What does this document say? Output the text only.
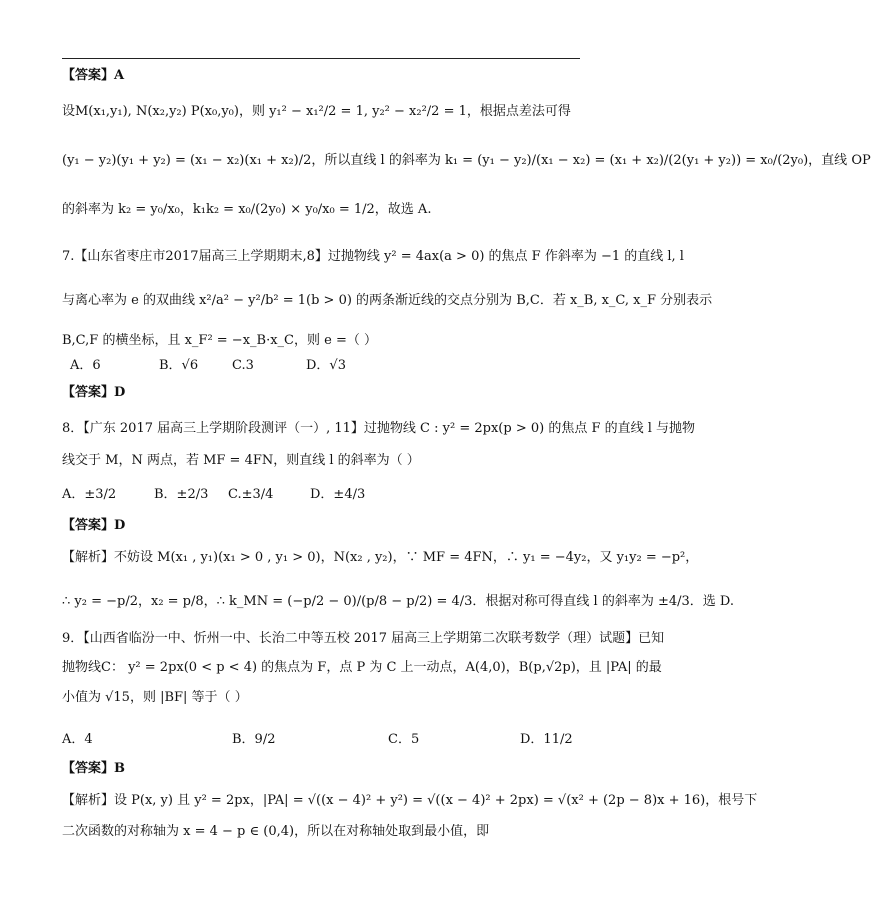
【答案】A
设M(x₁,y₁), N(x₂,y₂) P(x₀,y₀)，则 y₁² − x₁²/2 = 1, y₂² − x₂²/2 = 1，根据点差法可得
(y₁ − y₂)(y₁ + y₂) = (x₁ − x₂)(x₁ + x₂)/2，所以直线 l 的斜率为 k₁ = (y₁ − y₂)/(x₁ − x₂) = (x₁ + x₂)/(2(y₁ + y₂)) = x₀/(2y₀)，直线 OP
的斜率为 k₂ = y₀/x₀，k₁k₂ = x₀/(2y₀) × y₀/x₀ = 1/2，故选 A.
7.【山东省枣庄市2017届高三上学期期末,8】过抛物线 y² = 4ax(a > 0) 的焦点 F 作斜率为 −1 的直线 l, l
与离心率为 e 的双曲线 x²/a² − y²/b² = 1(b > 0) 的两条渐近线的交点分别为 B,C．若 x_B, x_C, x_F 分别表示
B,C,F 的横坐标，且 x_F² = −x_B·x_C，则 e =（ ）
A．6	B．√6	C.3	D．√3
【答案】D
8．【广东 2017 届高三上学期阶段测评（一）, 11】过抛物线 C : y² = 2px(p > 0) 的焦点 F 的直线 l 与抛物
线交于 M，N 两点，若 MF = 4FN，则直线 l 的斜率为（ ）
A．±3/2	B．±2/3 C.±3/4	D．±4/3
【答案】D
【解析】不妨设 M(x₁ , y₁)(x₁ > 0 , y₁ > 0)，N(x₂ , y₂)，∵ MF = 4FN，∴ y₁ = −4y₂，又 y₁y₂ = −p²，
∴ y₂ = −p/2，x₂ = p/8，∴ k_MN = (−p/2 − 0)/(p/8 − p/2) = 4/3．根据对称可得直线 l 的斜率为 ±4/3．选 D.
9．【山西省临汾一中、忻州一中、长治二中等五校 2017 届高三上学期第二次联考数学（理）试题】已知
抛物线C： y² = 2px(0 < p < 4) 的焦点为 F，点 P 为 C 上一动点，A(4,0)，B(p,√2p)，且 |PA| 的最
小值为 √15，则 |BF| 等于（ ）
A．4	B．9/2	C．5	D．11/2
【答案】B
【解析】设 P(x, y) 且 y² = 2px，|PA| = √((x − 4)² + y²) = √((x − 4)² + 2px) = √(x² + (2p − 8)x + 16)，根号下
二次函数的对称轴为 x = 4 − p ∈ (0,4)，所以在对称轴处取到最小值，即
